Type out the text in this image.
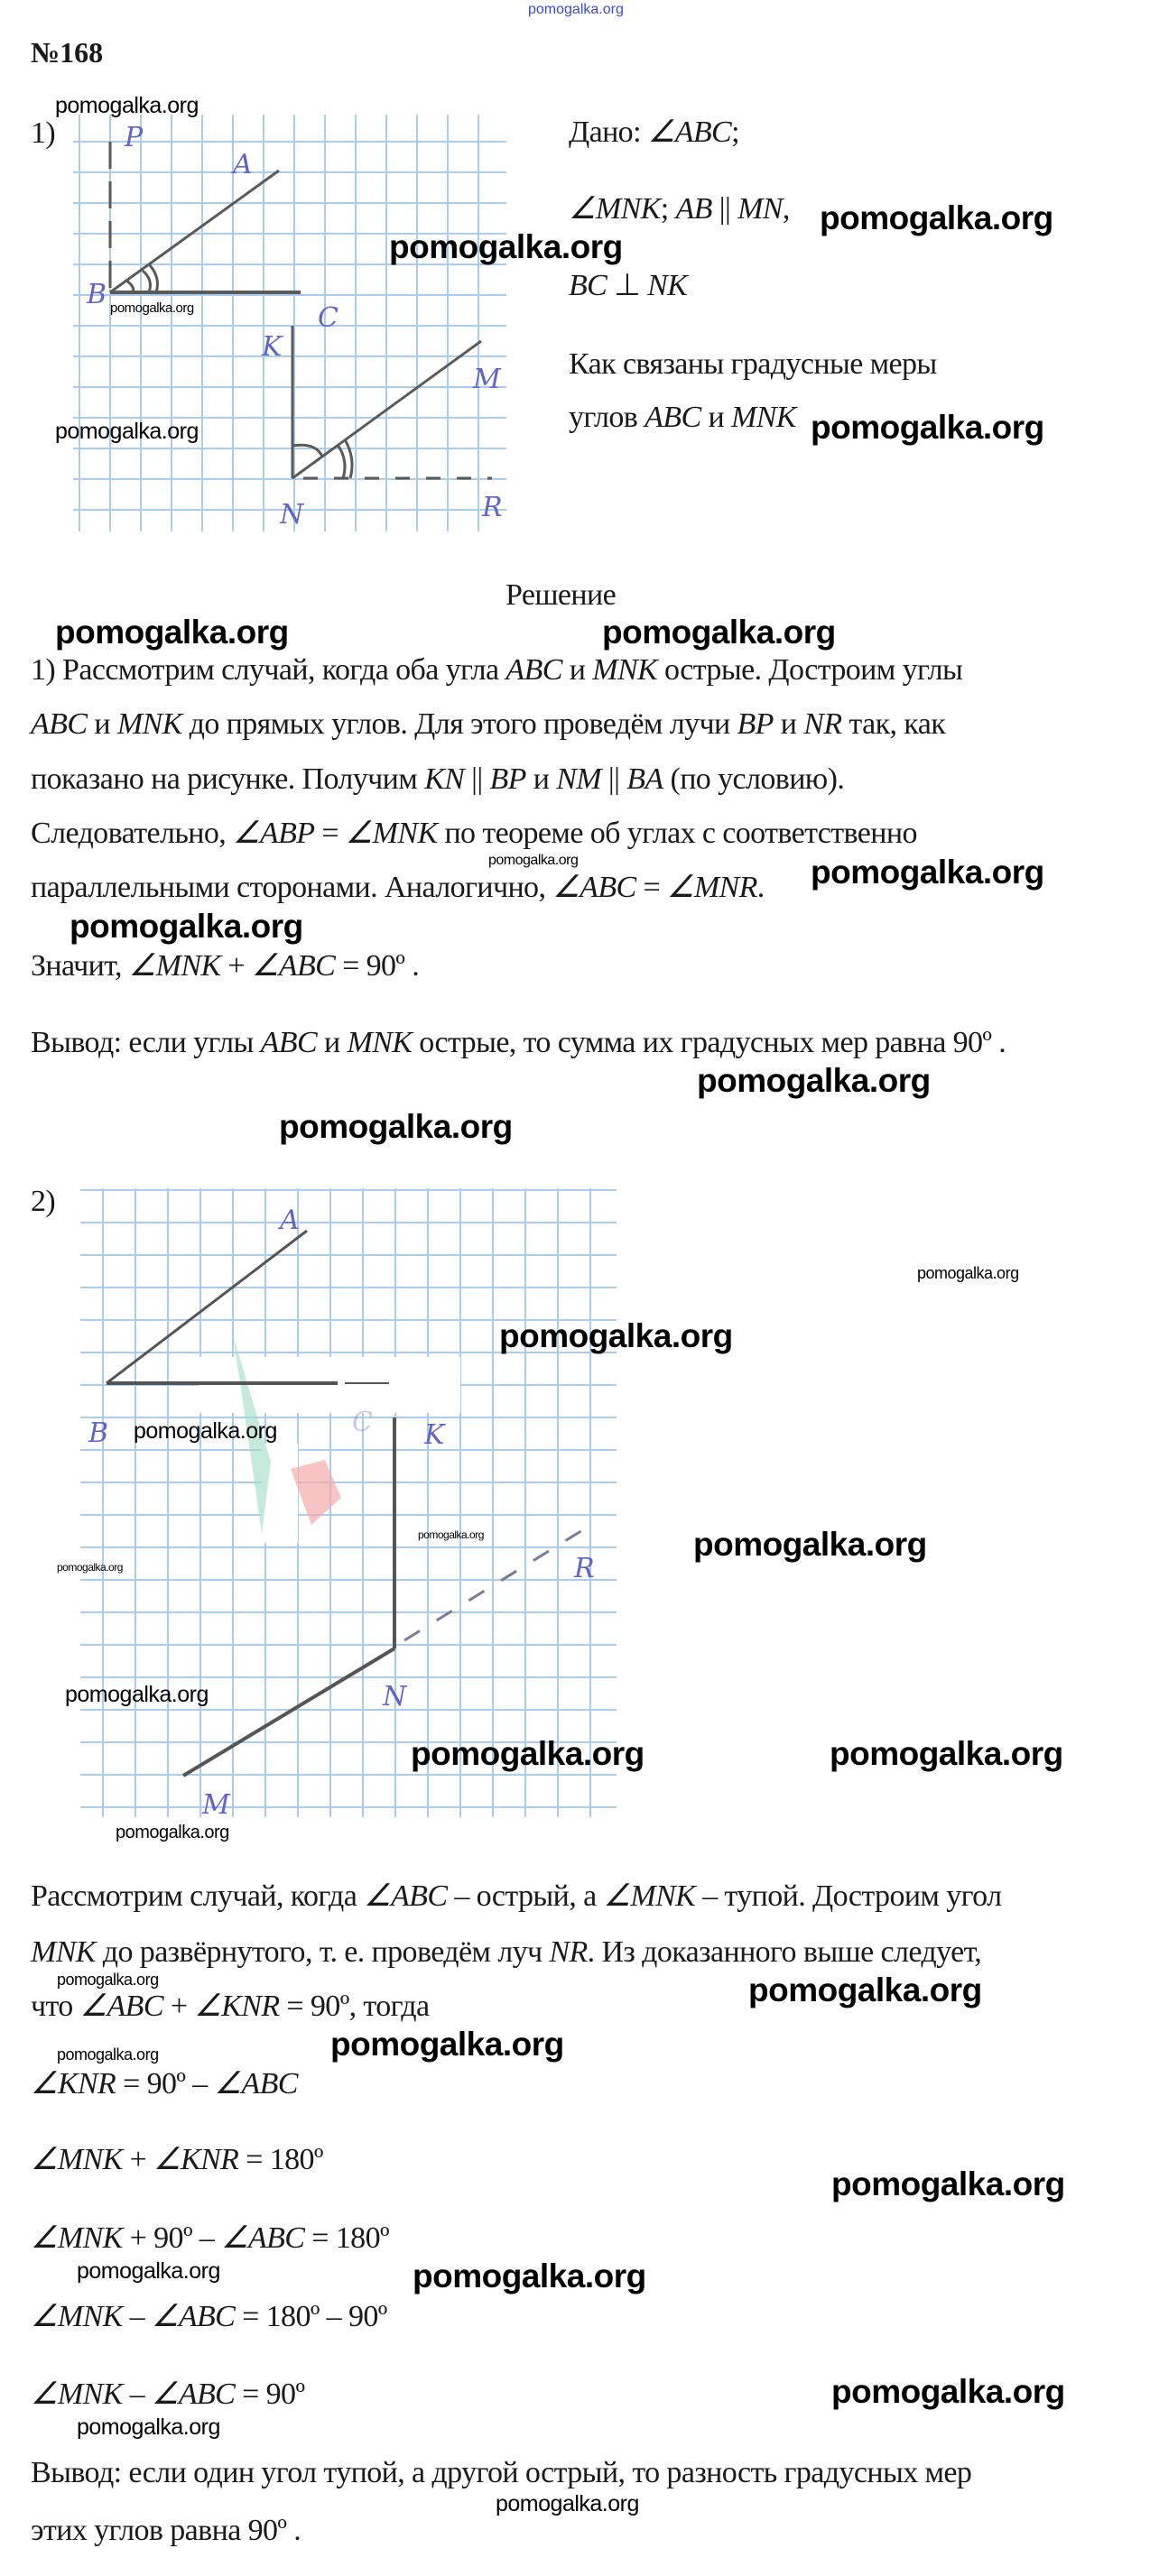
pomogalka.org
№168
1)	P
A
B
C
K
M
N	R
Дано: ∠ABC;
∠MNK; AB || MN,
BC ⊥ NK
Как связаны градусные меры
углов ABC и MNK
Решение
1) Рассмотрим случай, когда оба угла ABC и MNK острые. Достроим углы
ABC и MNK до прямых углов. Для этого проведём лучи BP и NR так, как
показано на рисунке. Получим KN || BP и NM || BA (по условию).
Следовательно, ∠ABP = ∠MNK по теореме об углах с соответственно
параллельными сторонами. Аналогично, ∠ABC = ∠MNR.
Значит, ∠MNK + ∠ABC = 90º .
Вывод: если углы ABC и MNK острые, то сумма их градусных мер равна 90º .
2)
A
B	C K
R
N
M
Рассмотрим случай, когда ∠ABC – острый, а ∠MNK – тупой. Достроим угол
MNK до развёрнутого, т. е. проведём луч NR. Из доказанного выше следует,
что ∠ABC + ∠KNR = 90º, тогда
∠KNR = 90º – ∠ABC
∠MNK + ∠KNR = 180º
∠MNK + 90º – ∠ABC = 180º
∠MNK – ∠ABC = 180º – 90º
∠MNK – ∠ABC = 90º
Вывод: если один угол тупой, а другой острый, то разность градусных мер
этих углов равна 90º .
pomogalka.org
pomogalka.org
pomogalka.org
pomogalka.org
pomogalka.org	pomogalka.org
pomogalka.org	pomogalka.org
pomogalka.org	pomogalka.org
pomogalka.org
pomogalka.org
pomogalka.org
pomogalka.org
pomogalka.org
pomogalka.org
pomogalka.org
pomogalka.org
pomogalka.org
pomogalka.org
pomogalka.org	pomogalka.org
pomogalka.org
pomogalka.org	pomogalka.org
pomogalka.org
pomogalka.org
pomogalka.org
pomogalka.org	pomogalka.org
pomogalka.org
pomogalka.org
pomogalka.org
